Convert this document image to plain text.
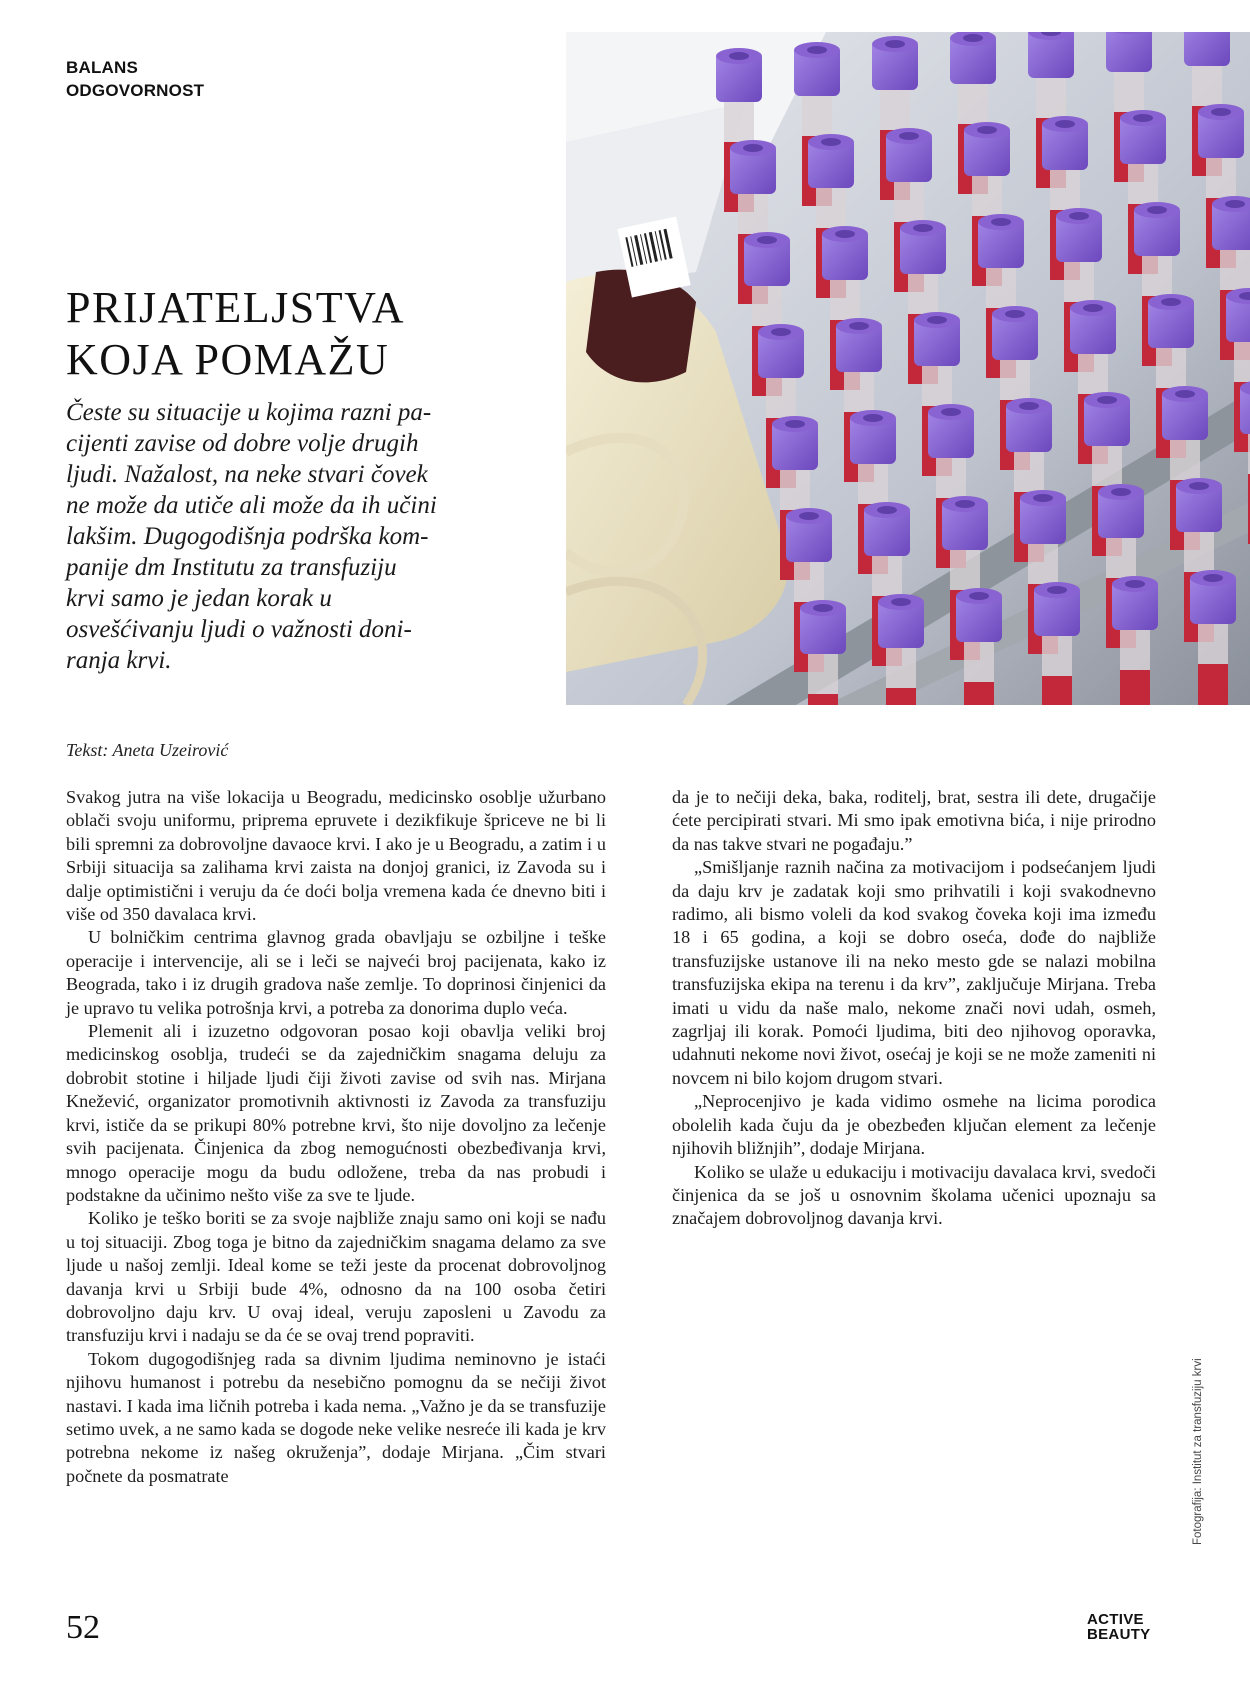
BALANS
ODGOVORNOST
PRIJATELJSTVA
KOJA POMAŽU
Česte su situacije u kojima razni pa-
cijenti zavise od dobre volje drugih
ljudi. Nažalost, na neke stvari čovek
ne može da utiče ali može da ih učini
lakšim. Dugogodišnja podrška kom-
panije dm Institutu za transfuziju
krvi samo je jedan korak u
osvešćivanju ljudi o važnosti doni-
ranja krvi.
Tekst: Aneta Uzeirović

Svakog jutra na više lokacija u Beogradu, medicinsko osoblje užurbano oblači svoju uniformu, priprema epruvete i dezikfikuje špriceve ne bi li bili spremni za dobrovoljne davaoce krvi. I ako je u Beogradu, a zatim i u Srbiji situacija sa zalihama krvi zaista na donjoj granici, iz Zavoda su i dalje optimistični i veruju da će doći bolja vremena kada će dnevno biti i više od 350 davalaca krvi.

U bolničkim centrima glavnog grada obavljaju se ozbiljne i teške operacije i intervencije, ali se i leči se najveći broj pacijenata, kako iz Beograda, tako i iz drugih gradova naše zemlje. To doprinosi činjenici da je upravo tu velika potrošnja krvi, a potreba za donorima duplo veća.

Plemenit ali i izuzetno odgovoran posao koji obavlja veliki broj medicinskog osoblja, trudeći se da zajedničkim snagama deluju za dobrobit stotine i hiljade ljudi čiji životi zavise od svih nas. Mirjana Knežević, organizator promotivnih aktivnosti iz Zavoda za transfuziju krvi, ističe da se prikupi 80% potrebne krvi, što nije dovoljno za lečenje svih pacijenata. Činjenica da zbog nemogućnosti obezbeđivanja krvi, mnogo operacije mogu da budu odložene, treba da nas probudi i podstakne da učinimo nešto više za sve te ljude.

Koliko je teško boriti se za svoje najbliže znaju samo oni koji se nađu u toj situaciji. Zbog toga je bitno da zajedničkim snagama delamo za sve ljude u našoj zemlji. Ideal kome se teži jeste da procenat dobrovoljnog davanja krvi u Srbiji bude 4%, odnosno da na 100 osoba četiri dobrovoljno daju krv. U ovaj ideal, veruju zaposleni u Zavodu za transfuziju krvi i nadaju se da će se ovaj trend popraviti.

Tokom dugogodišnjeg rada sa divnim ljudima neminovno je istaći njihovu humanost i potrebu da nesebično pomognu da se nečiji život nastavi. I kada ima ličnih potreba i kada nema. „Važno je da se transfuzije setimo uvek, a ne samo kada se dogode neke velike nesreće ili kada je krv potrebna nekome iz našeg okruženja”, dodaje Mirjana. „Čim stvari počnete da posmatrate

da je to nečiji deka, baka, roditelj, brat, sestra ili dete, drugačije ćete percipirati stvari. Mi smo ipak emotivna bića, i nije prirodno da nas takve stvari ne pogađaju.”

„Smišljanje raznih načina za motivacijom i podsećanjem ljudi da daju krv je zadatak koji smo prihvatili i koji svakodnevno radimo, ali bismo voleli da kod svakog čoveka koji ima između 18 i 65 godina, a koji se dobro oseća, dođe do najbliže transfuzijske ustanove ili na neko mesto gde se nalazi mobilna transfuzijska ekipa na terenu i da krv”, zaključuje Mirjana. Treba imati u vidu da naše malo, nekome znači novi udah, osmeh, zagrljaj ili korak. Pomoći ljudima, biti deo njihovog oporavka, udahnuti nekome novi život, osećaj je koji se ne može zameniti ni novcem ni bilo kojom drugom stvari.

„Neprocenjivo je kada vidimo osmehe na licima porodica obolelih kada čuju da je obezbeđen ključan element za lečenje njihovih bližnjih”, dodaje Mirjana.

Koliko se ulaže u edukaciju i motivaciju davalaca krvi, svedoči činjenica da se još u osnovnim školama učenici upoznaju sa značajem dobrovoljnog davanja krvi.

Fotografija: Institut za transfuziju krvi
52	ACTIVE
BEAUTY
